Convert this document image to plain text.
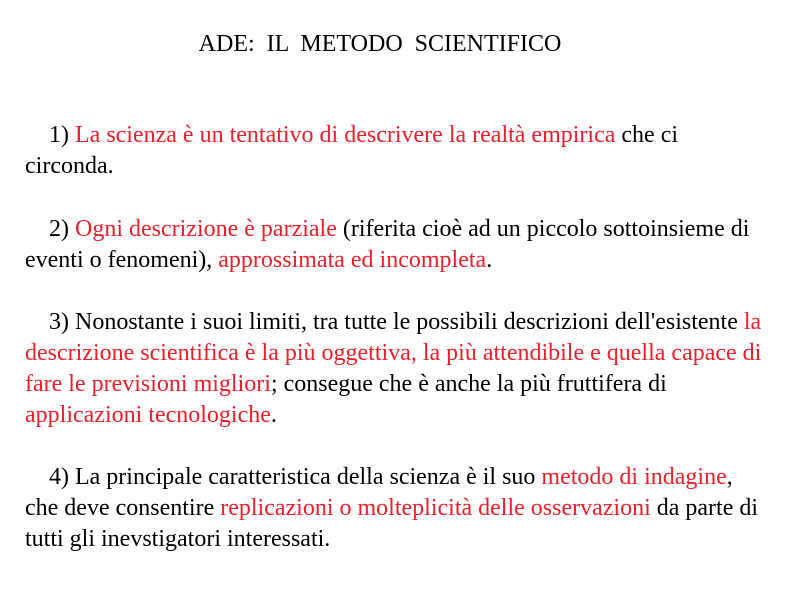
ADE:  IL  METODO  SCIENTIFICO

1) La scienza è un tentativo di descrivere la realtà empirica che ci circonda.

2) Ogni descrizione è parziale (riferita cioè ad un piccolo sottoinsieme di eventi o fenomeni), approssimata ed incompleta.

3) Nonostante i suoi limiti, tra tutte le possibili descrizioni dell'esistente la descrizione scientifica è la più oggettiva, la più attendibile e quella capace di fare le previsioni migliori; consegue che è anche la più fruttifera di applicazioni tecnologiche.

4) La principale caratteristica della scienza è il suo metodo di indagine, che deve consentire replicazioni o molteplicità delle osservazioni da parte di tutti gli inevstigatori interessati.
